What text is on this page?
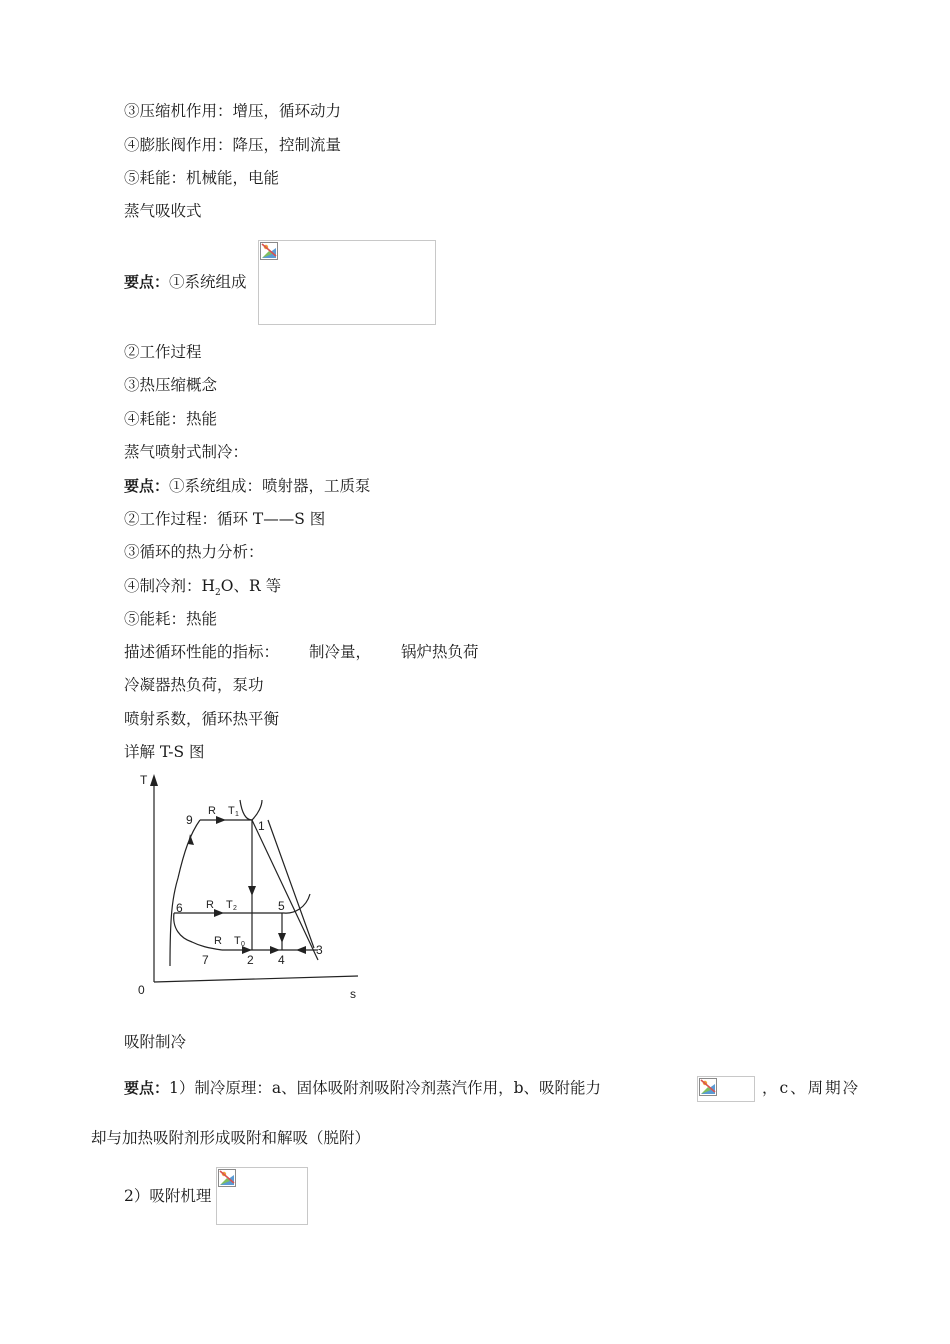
③压缩机作用：增压，循环动力
④膨胀阀作用：降压，控制流量
⑤耗能：机械能，电能
蒸气吸收式
要点：①系统组成
②工作过程
③热压缩概念
④耗能：热能
蒸气喷射式制冷：
要点：①系统组成：喷射器，工质泵
②工作过程：循环 T——S 图
③循环的热力分析：
④制冷剂：$H_2O$、R 等
⑤能耗：热能
描述循环性能的指标： 制冷量， 锅炉热负荷
冷凝器热负荷，泵功
喷射系数，循环热平衡
详解 T-S 图
T
s
0
9	1
6	5
7	2 4
3
R T 1
R T 2
R T 0
吸附制冷
要点：1）制冷原理：a、固体吸附剂吸附冷剂蒸汽作用，b、吸附能力	，c、周期冷
却与加热吸附剂形成吸附和解吸（脱附）
2）吸附机理
